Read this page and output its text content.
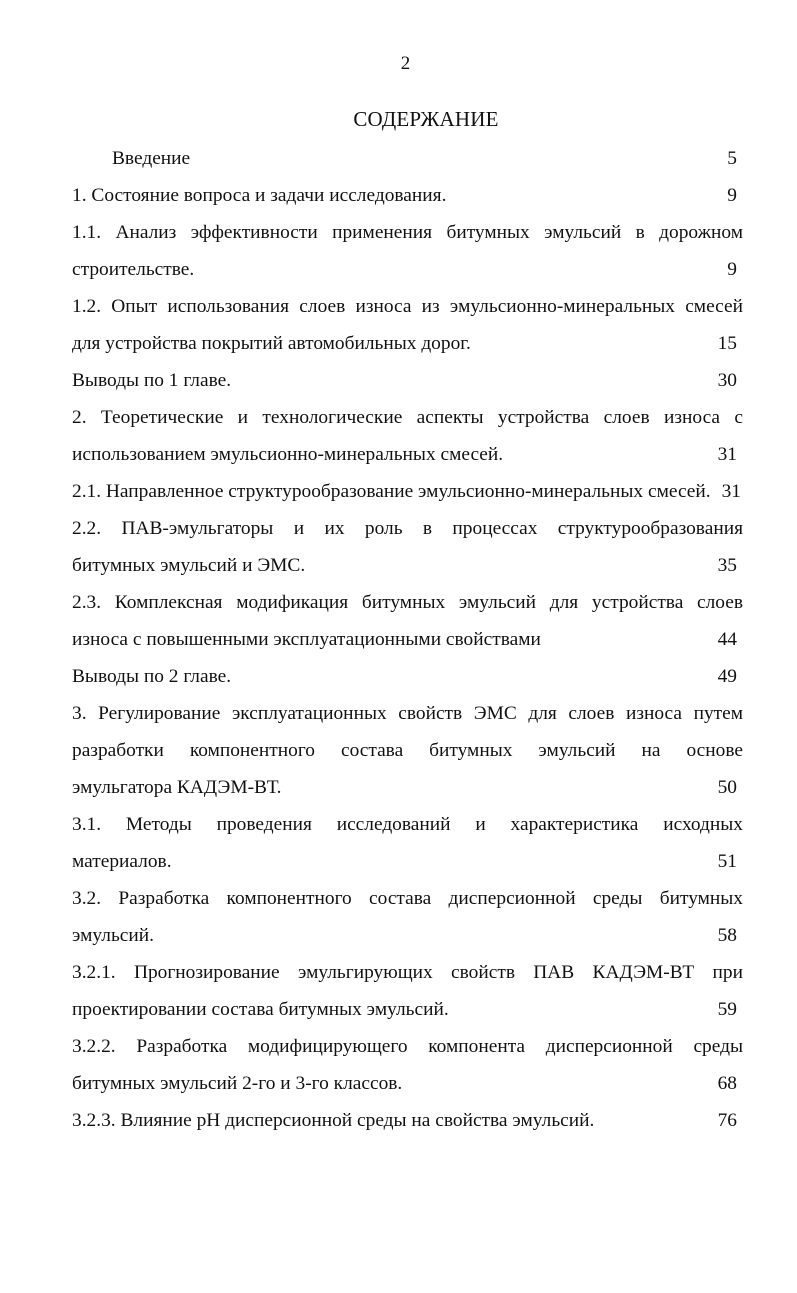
2
СОДЕРЖАНИЕ
Введение	5
1. Состояние вопроса и задачи исследования.	9
1.1. Анализ эффективности применения битумных эмульсий в дорожном
строительстве.	9
1.2. Опыт использования слоев износа из эмульсионно-минеральных смесей
для устройства покрытий автомобильных дорог.	15
Выводы по 1 главе.	30
2. Теоретические и технологические аспекты устройства слоев износа с
использованием эмульсионно-минеральных смесей.	31
2.1. Направленное структурообразование эмульсионно-минеральных смесей. 31
2.2. ПАВ-эмульгаторы и их роль в процессах структурообразования
битумных эмульсий и ЭМС.	35
2.3. Комплексная модификация битумных эмульсий для устройства слоев
износа с повышенными эксплуатационными свойствами	44
Выводы по 2 главе.	49
3. Регулирование эксплуатационных свойств ЭМС для слоев износа путем
разработки компонентного состава битумных эмульсий на основе
эмульгатора КАДЭМ-ВТ.	50
3.1. Методы проведения исследований и характеристика исходных
материалов.	51
3.2. Разработка компонентного состава дисперсионной среды битумных
эмульсий.	58
3.2.1. Прогнозирование эмульгирующих свойств ПАВ КАДЭМ-ВТ при
проектировании состава битумных эмульсий.	59
3.2.2. Разработка модифицирующего компонента дисперсионной среды
битумных эмульсий 2-го и 3-го классов.	68
3.2.3. Влияние pH дисперсионной среды на свойства эмульсий.	76
